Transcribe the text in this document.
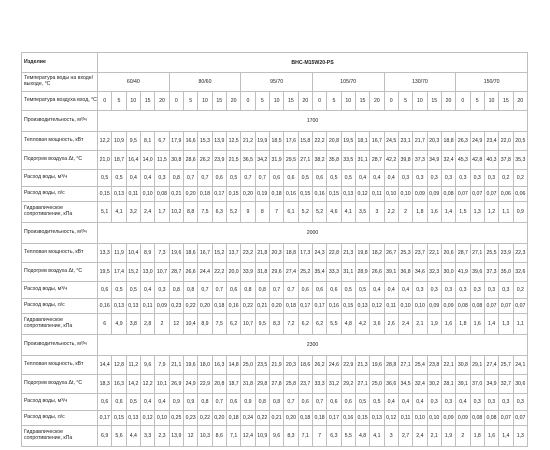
Изделие	ВНС-М15W20-PS																													
Температура воды на входе/выходе, °С	60/40					80/60					95/70					105/70					130/70					150/70				
Температура воздуха вход, °С	0	5	10	15	20	0	5	10	15	20	0	5	10	15	20	0	5	10	15	20	0	5	10	15	20	0	5	10	15	20
Производительность, м³/ч	1700																													
Тепловая мощность, кВт	12,2	10,9	9,5	8,1	6,7	17,9	16,6	15,3	13,9	12,5	21,2	19,9	18,5	17,6	15,8	22,2	20,8	19,5	18,1	16,7	24,5	23,1	21,7	20,3	18,8	26,3	24,9	23,4	22,0	20,5
Подогрев воздуха Δt, °С	21,0	18,7	16,4	14,0	11,5	30,8	28,6	26,2	23,9	21,5	36,5	34,2	31,9	29,5	27,1	38,2	35,8	33,5	31,1	28,7	42,2	39,8	37,3	34,9	32,4	45,3	42,8	40,3	37,8	35,3
Расход воды, м³/ч	0,5	0,5	0,4	0,4	0,3	0,8	0,7	0,7	0,6	0,5	0,7	0,7	0,6	0,6	0,5	0,6	0,5	0,5	0,4	0,4	0,4	0,3	0,3	0,3	0,3	0,3	0,3	0,3	0,2	0,2
Расход воды, л/с	0,15	0,13	0,11	0,10	0,08	0,21	0,20	0,18	0,17	0,15	0,20	0,19	0,18	0,16	0,15	0,16	0,15	0,13	0,12	0,11	0,10	0,10	0,09	0,09	0,08	0,07	0,07	0,07	0,06	0,06
Гидравлическое сопротивление, кПа	5,1	4,1	3,2	2,4	1,7	10,2	8,8	7,5	6,3	5,2	9	8	7	6,1	5,2	5,2	4,6	4,1	3,5	3	2,2	2	1,8	1,6	1,4	1,5	1,3	1,2	1,1	0,9
Производительность, м³/ч	2000																													
Тепловая мощность, кВт	13,3	11,9	10,4	8,9	7,3	19,6	18,6	16,7	15,2	13,7	23,2	21,8	20,3	18,8	17,3	24,3	22,8	21,3	19,8	18,2	26,7	25,3	23,7	22,1	20,6	28,7	27,1	25,5	23,9	22,3
Подогрев воздуха Δt, °С	19,5	17,4	15,2	13,0	10,7	28,7	26,6	24,4	22,2	20,0	33,9	31,8	29,6	27,4	25,2	35,4	33,3	31,1	28,9	26,6	39,1	36,8	34,6	32,3	30,0	41,9	39,6	37,3	35,0	32,6
Расход воды, м³/ч	0,6	0,5	0,5	0,4	0,3	0,8	0,8	0,7	0,7	0,6	0,8	0,8	0,7	0,7	0,6	0,6	0,6	0,5	0,5	0,4	0,4	0,4	0,3	0,3	0,3	0,3	0,3	0,3	0,3	0,2
Расход воды, л/с	0,16	0,13	0,13	0,11	0,09	0,23	0,22	0,20	0,18	0,16	0,22	0,21	0,20	0,18	0,17	0,17	0,16	0,15	0,13	0,12	0,11	0,10	0,10	0,09	0,09	0,08	0,08	0,07	0,07	0,07
Гидравлическое сопротивление, кПа	6	4,9	3,8	2,8	2	12	10,4	8,9	7,5	6,2	10,7	9,5	8,3	7,2	6,2	6,2	5,5	4,8	4,2	3,6	2,6	2,4	2,1	1,9	1,6	1,8	1,6	1,4	1,3	1,1
Производительность, м³/ч	2300																													
Тепловая мощность, кВт	14,4	12,8	11,2	9,6	7,9	21,1	19,6	18,0	16,3	14,8	25,0	23,5	21,9	20,3	18,6	26,2	24,6	22,9	21,3	19,6	28,8	27,1	25,4	23,8	22,1	30,8	29,1	27,4	25,7	24,1
Подогрев воздуха Δt, °С	18,3	16,3	14,2	12,2	10,1	26,9	24,9	22,9	20,8	18,7	31,8	29,8	27,8	25,8	23,7	33,3	31,2	29,2	27,1	25,0	36,6	34,5	32,4	30,2	28,1	39,1	37,0	34,9	32,7	30,6
Расход воды, м³/ч	0,6	0,6	0,5	0,4	0,4	0,9	0,9	0,8	0,7	0,6	0,9	0,8	0,8	0,7	0,6	0,7	0,6	0,6	0,5	0,5	0,4	0,4	0,4	0,3	0,3	0,4	0,3	0,3	0,3	0,3
Расход воды, л/с	0,17	0,15	0,13	0,12	0,10	0,25	0,23	0,22	0,20	0,18	0,24	0,22	0,21	0,20	0,18	0,18	0,17	0,16	0,15	0,13	0,12	0,11	0,10	0,10	0,09	0,09	0,08	0,08	0,07	0,07
Гидравлическое сопротивление, кПа	6,9	5,6	4,4	3,3	2,3	13,9	12	10,3	8,6	7,1	12,4	10,9	9,6	8,3	7,1	7	6,3	5,5	4,8	4,1	3	2,7	2,4	2,1	1,9	2	1,8	1,6	1,4	1,3
